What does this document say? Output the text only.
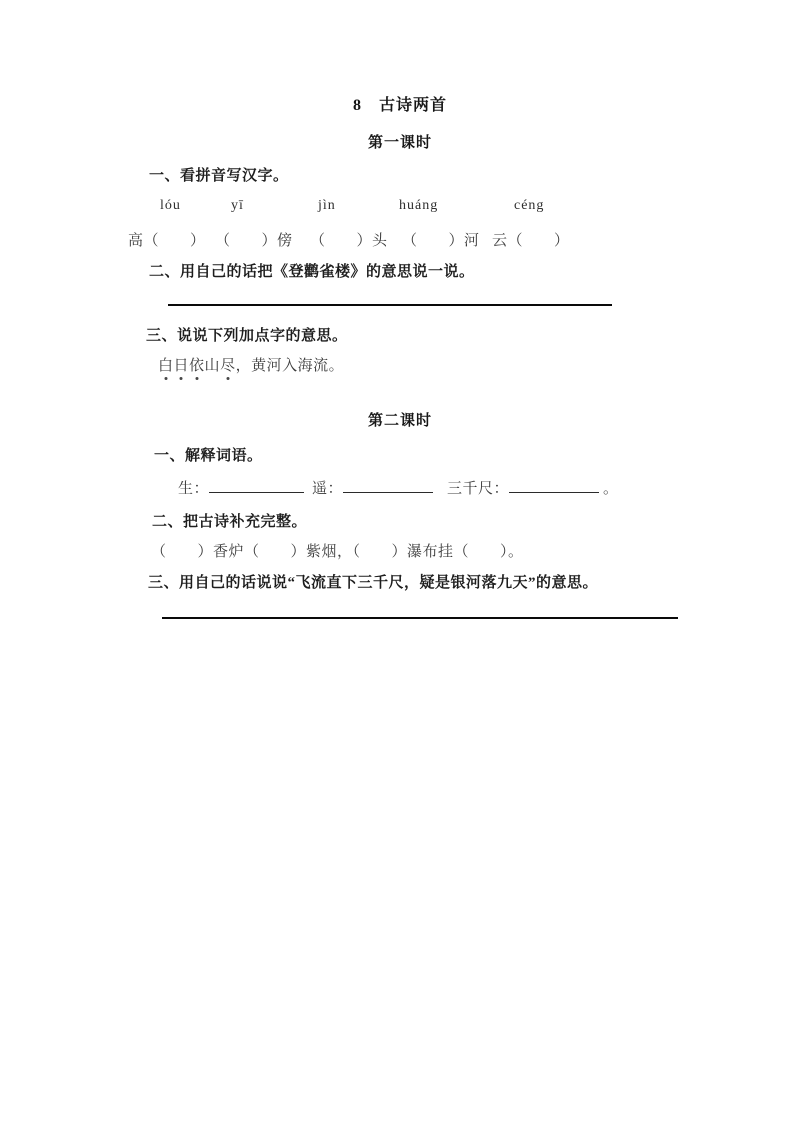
8　古诗两首
第一课时
一、看拼音写汉字。
lóu	yī	jìn	huáng	céng
高（　　） （　　）傍 （　　）头 （　　）河 云（　　）
二、用自己的话把《登鹳雀楼》的意思说一说。
三、说说下列加点字的意思。
白日依山尽，黄河入海流。
第二课时
一、解释词语。
生：	遥：	三千尺：	。
二、把古诗补充完整。
（　　）香炉（　　）紫烟，（　　）瀑布挂（　　）。
三、用自己的话说说“飞流直下三千尺，疑是银河落九天”的意思。
